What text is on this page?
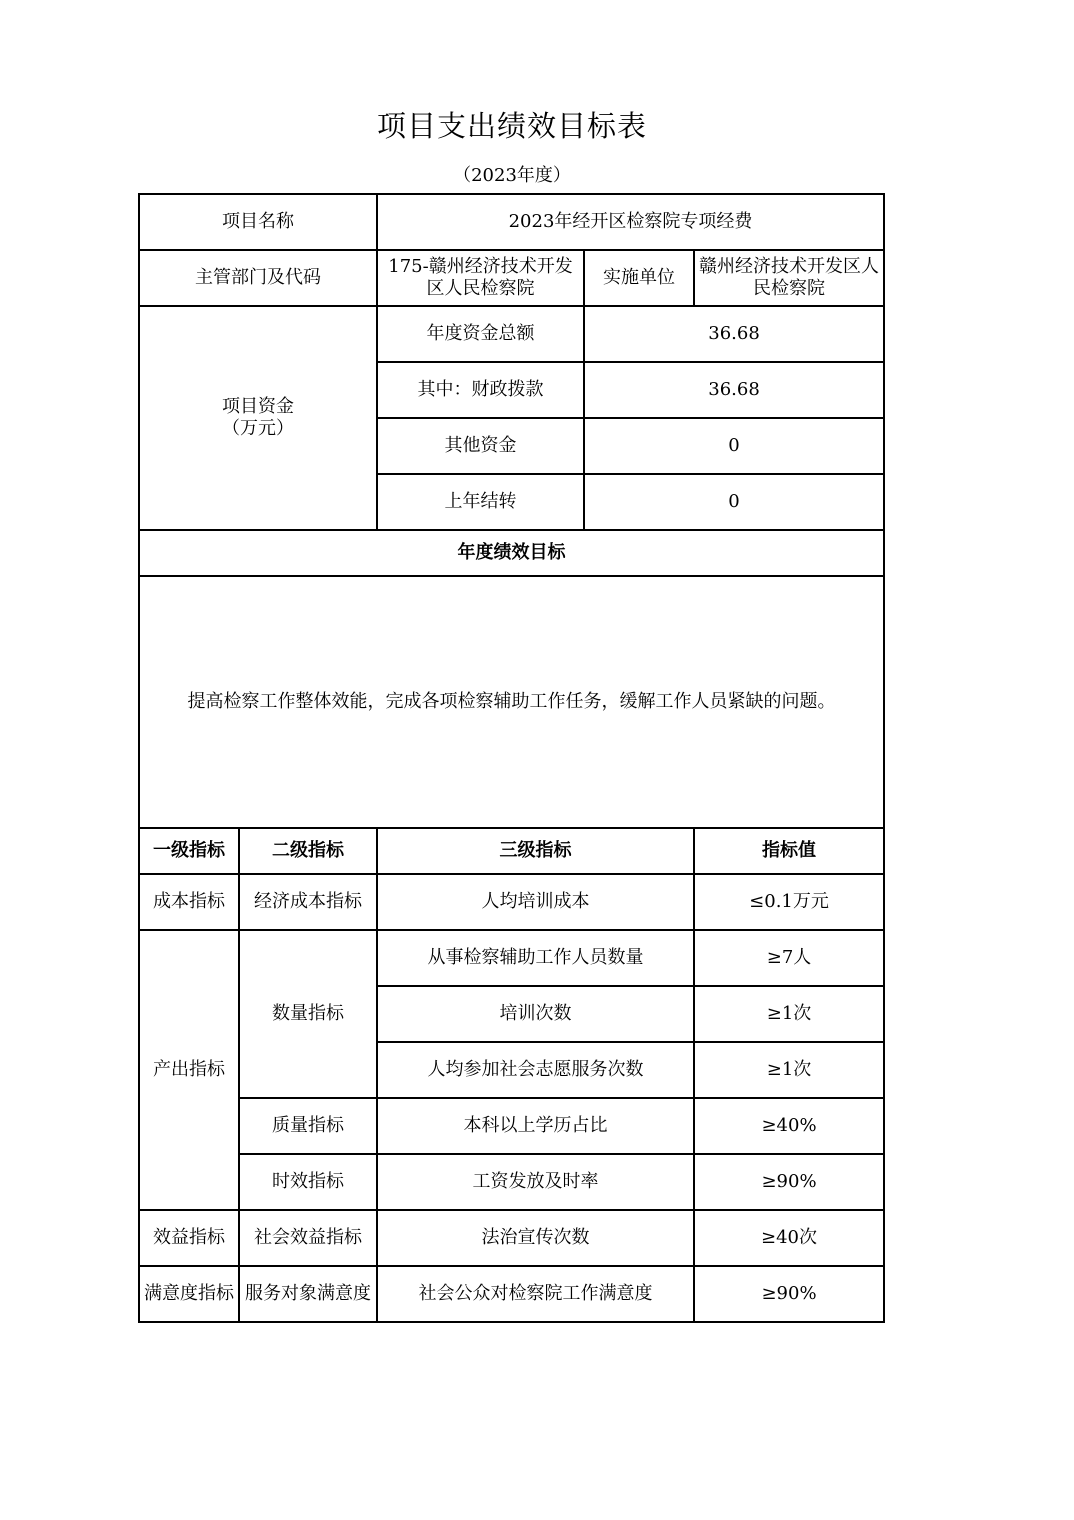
项目支出绩效目标表
（2023年度）
项目名称		2023年经开区检察院专项经费		
主管部门及代码		175-赣州经济技术开发区人民检察院	实施单位	赣州经济技术开发区人民检察院

项目资金
（万元）		年度资金总额	36.68	
		其中：财政拨款	36.68	
		其他资金	0	
		上年结转	0	
年度绩效目标				
提高检察工作整体效能，完成各项检察辅助工作任务，缓解工作人员紧缺的问题。				
一级指标	二级指标	三级指标		指标值
成本指标	经济成本指标	人均培训成本		≤0.1万元
产出指标	数量指标	从事检察辅助工作人员数量		≥7人
		培训次数		≥1次
		人均参加社会志愿服务次数		≥1次
	质量指标	本科以上学历占比		≥40%
	时效指标	工资发放及时率		≥90%
效益指标	社会效益指标	法治宣传次数		≥40次
满意度指标	服务对象满意度	社会公众对检察院工作满意度		≥90%
